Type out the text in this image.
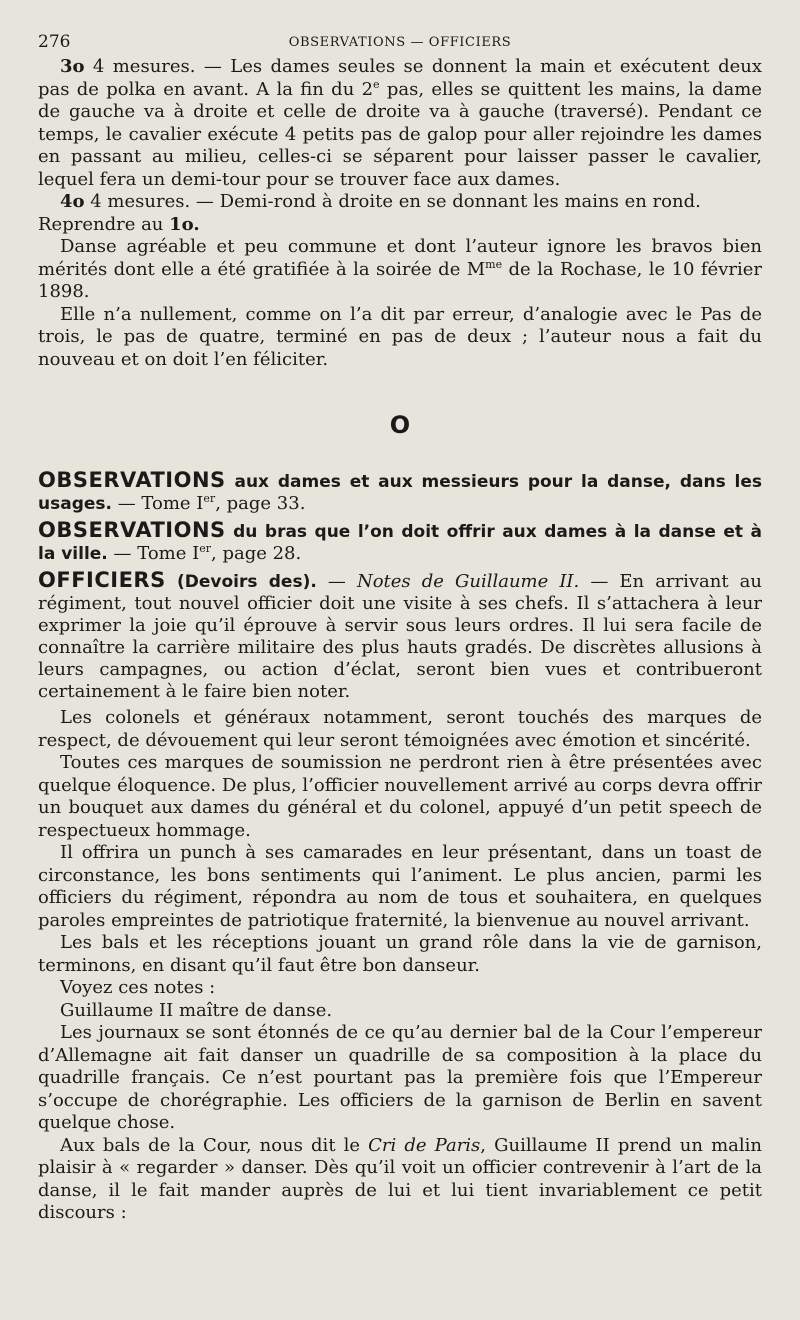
276	OBSERVATIONS — OFFICIERS

3o 4 mesures. — Les dames seules se donnent la main et exécutent deux pas de polka en avant. A la fin du 2e pas, elles se quittent les mains, la dame de gauche va à droite et celle de droite va à gauche (traversé). Pendant ce temps, le cavalier exécute 4 petits pas de galop pour aller rejoindre les dames en passant au milieu, celles-ci se séparent pour laisser passer le cavalier, lequel fera un demi-tour pour se trouver face aux dames.

4o 4 mesures. — Demi-rond à droite en se donnant les mains en rond.

Reprendre au 1o.

Danse agréable et peu commune et dont l’auteur ignore les bravos bien mérités dont elle a été gratifiée à la soirée de $M^{me}$ de la Rochase, le 10 février 1898.

Elle n’a nullement, comme on l’a dit par erreur, d’analogie avec le Pas de trois, le pas de quatre, terminé en pas de deux ; l’auteur nous a fait du nouveau et on doit l’en féliciter.

O

OBSERVATIONS aux dames et aux messieurs pour la danse, dans les usages. — Tome Ier, page 33.

OBSERVATIONS du bras que l’on doit offrir aux dames à la danse et à la ville. — Tome Ier, page 28.

OFFICIERS (Devoirs des). — Notes de Guillaume II. — En arrivant au régiment, tout nouvel officier doit une visite à ses chefs. Il s’attachera à leur exprimer la joie qu’il éprouve à servir sous leurs ordres. Il lui sera facile de connaître la carrière militaire des plus hauts gradés. De discrètes allusions à leurs campagnes, ou action d’éclat, seront bien vues et contribueront certainement à le faire bien noter.

Les colonels et généraux notamment, seront touchés des marques de respect, de dévouement qui leur seront témoignées avec émotion et sincérité.

Toutes ces marques de soumission ne perdront rien à être présentées avec quelque éloquence. De plus, l’officier nouvellement arrivé au corps devra offrir un bouquet aux dames du général et du colonel, appuyé d’un petit speech de respectueux hommage.

Il offrira un punch à ses camarades en leur présentant, dans un toast de circonstance, les bons sentiments qui l’animent. Le plus ancien, parmi les officiers du régiment, répondra au nom de tous et souhaitera, en quelques paroles empreintes de patriotique fraternité, la bienvenue au nouvel arrivant.

Les bals et les réceptions jouant un grand rôle dans la vie de garnison, terminons, en disant qu’il faut être bon danseur.

Voyez ces notes :

Guillaume II maître de danse.

Les journaux se sont étonnés de ce qu’au dernier bal de la Cour l’empereur d’Allemagne ait fait danser un quadrille de sa composition à la place du quadrille français. Ce n’est pourtant pas la première fois que l’Empereur s’occupe de chorégraphie. Les officiers de la garnison de Berlin en savent quelque chose.

Aux bals de la Cour, nous dit le Cri de Paris, Guillaume II prend un malin plaisir à « regarder » danser. Dès qu’il voit un officier contrevenir à l’art de la danse, il le fait mander auprès de lui et lui tient invariablement ce petit discours :
